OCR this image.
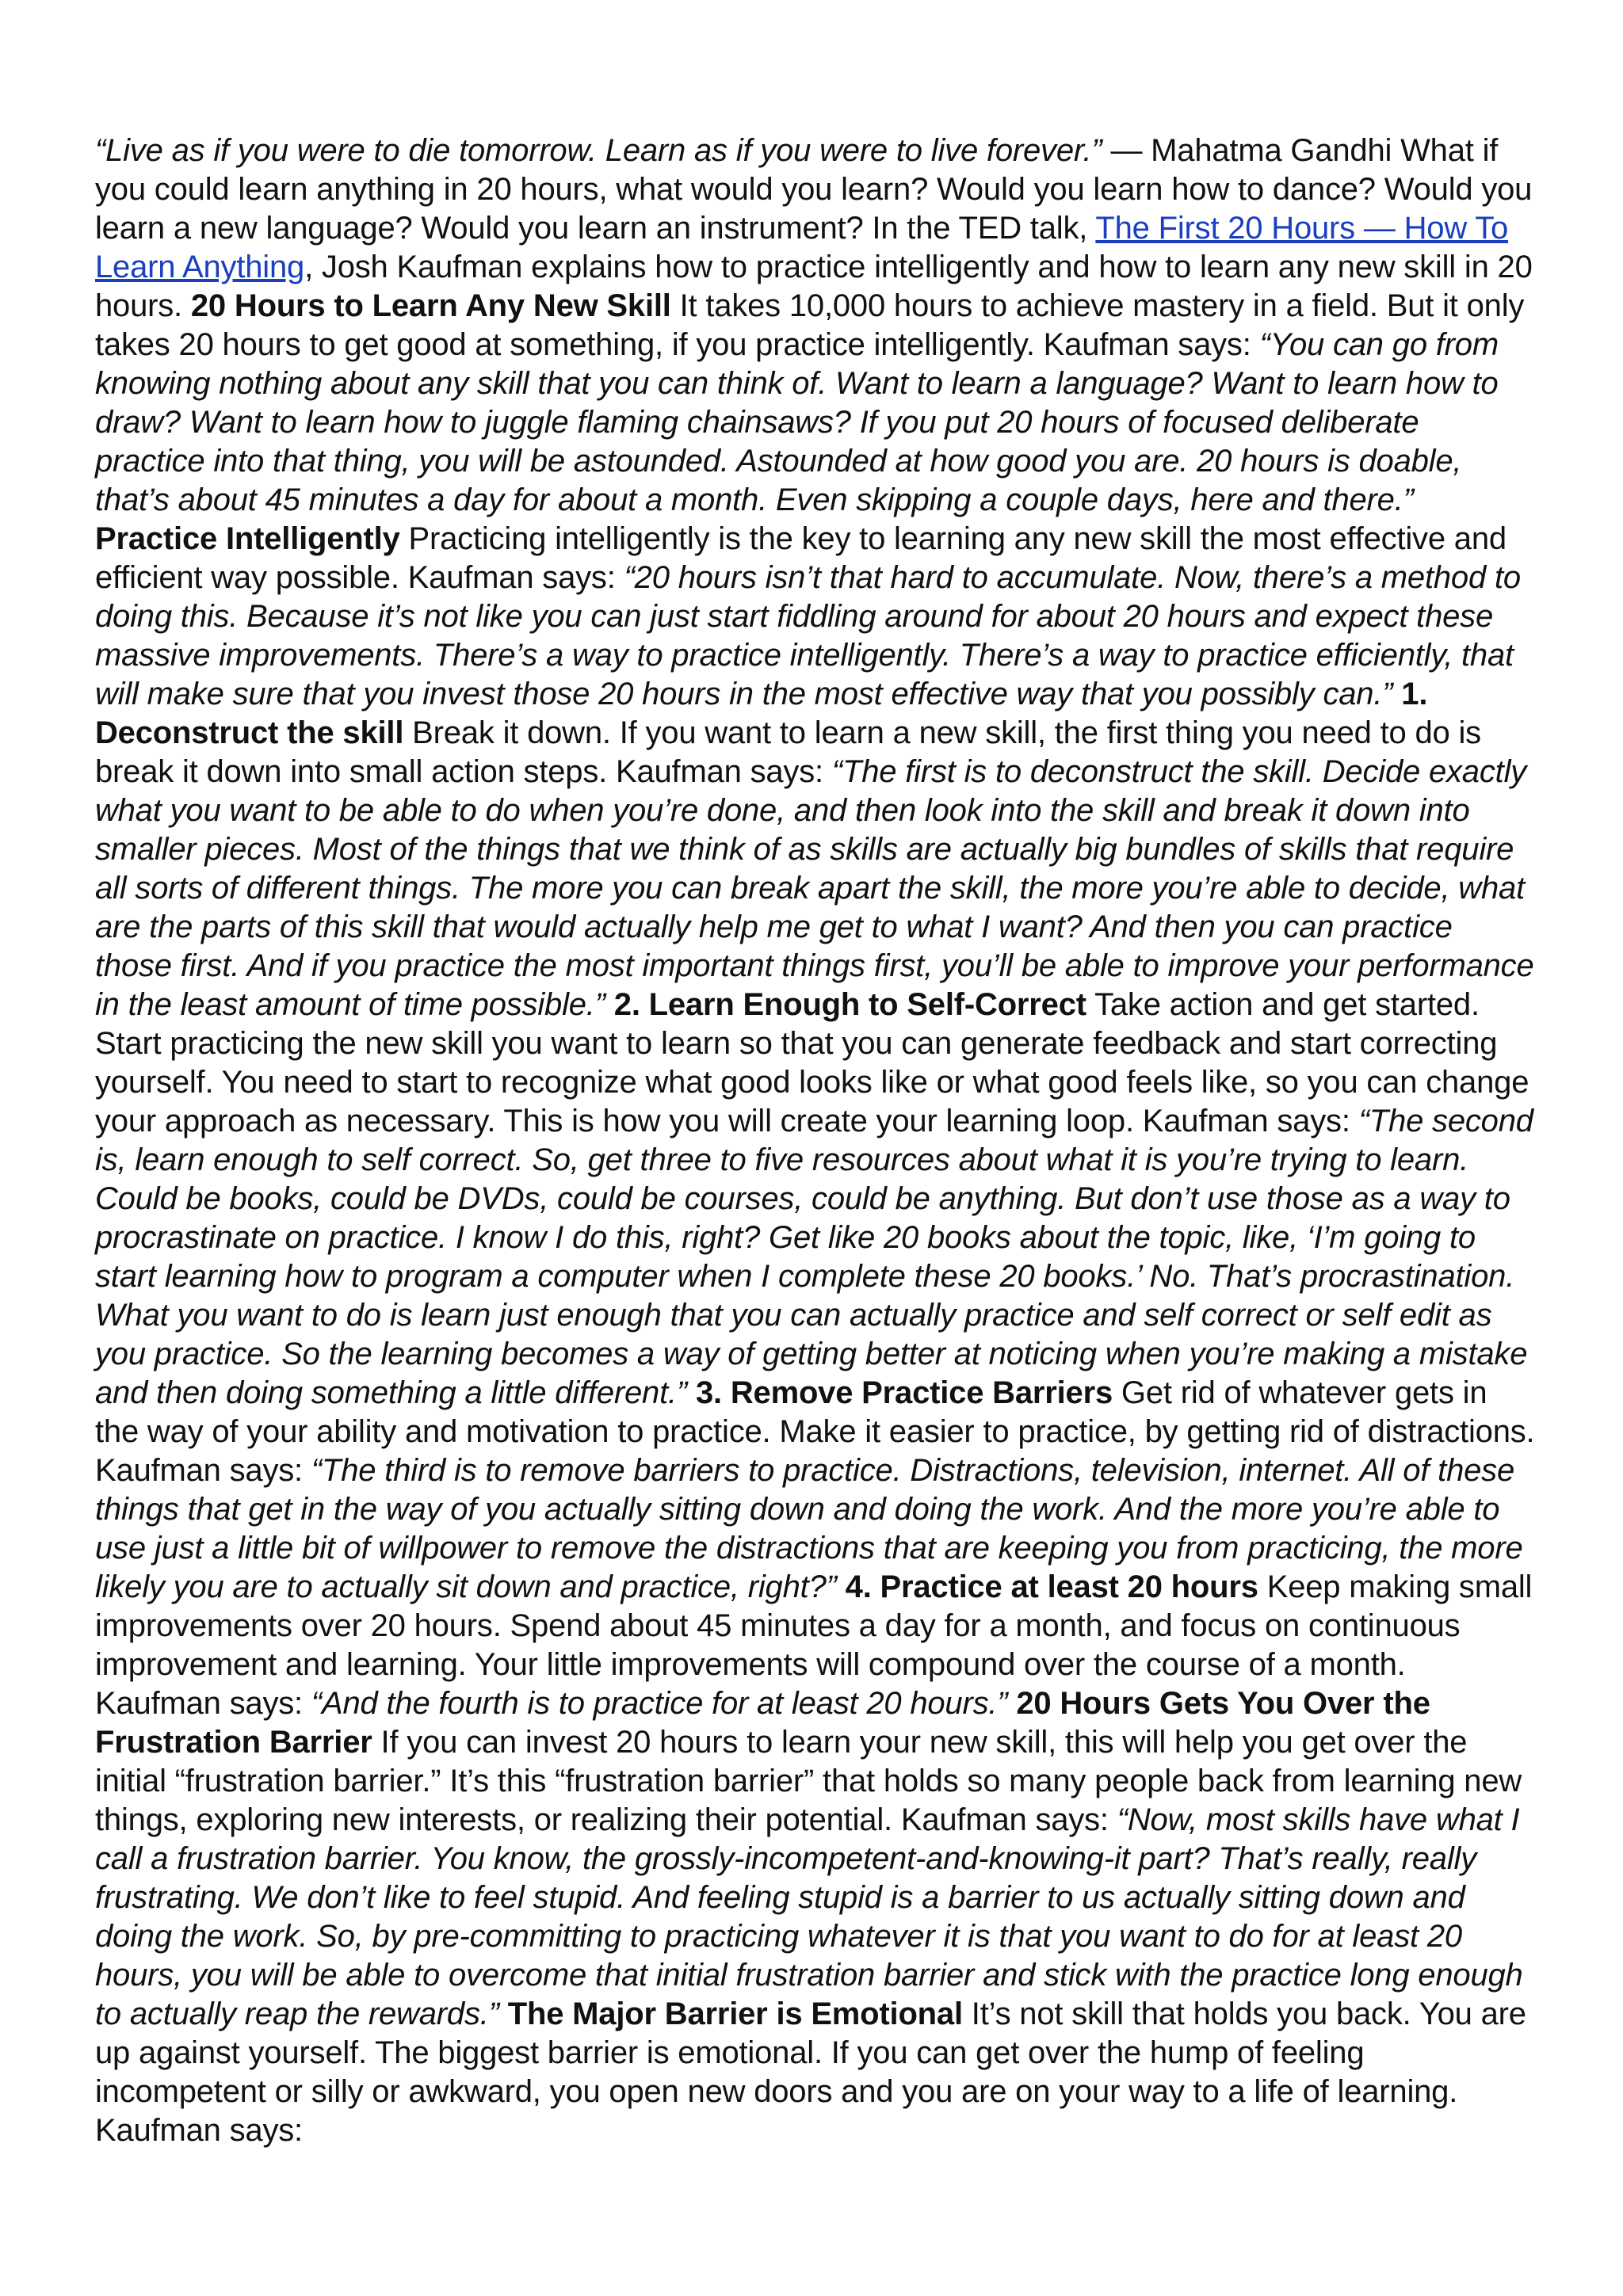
“Live as if you were to die tomorrow. Learn as if you were to live forever.” — Mahatma Gandhi What if you could learn anything in 20 hours, what would you learn? Would you learn how to dance? Would you learn a new language? Would you learn an instrument? In the TED talk, The First 20 Hours — How To Learn Anything, Josh Kaufman explains how to practice intelligently and how to learn any new skill in 20 hours. 20 Hours to Learn Any New Skill It takes 10,000 hours to achieve mastery in a field. But it only takes 20 hours to get good at something, if you practice intelligently. Kaufman says: “You can go from knowing nothing about any skill that you can think of. Want to learn a language? Want to learn how to draw? Want to learn how to juggle flaming chainsaws? If you put 20 hours of focused deliberate practice into that thing, you will be astounded. Astounded at how good you are. 20 hours is doable, that’s about 45 minutes a day for about a month. Even skipping a couple days, here and there.” Practice Intelligently Practicing intelligently is the key to learning any new skill the most effective and efficient way possible. Kaufman says: “20 hours isn’t that hard to accumulate. Now, there’s a method to doing this. Because it’s not like you can just start fiddling around for about 20 hours and expect these massive improvements. There’s a way to practice intelligently. There’s a way to practice efficiently, that will make sure that you invest those 20 hours in the most effective way that you possibly can.” 1. Deconstruct the skill Break it down. If you want to learn a new skill, the first thing you need to do is break it down into small action steps. Kaufman says: “The first is to deconstruct the skill. Decide exactly what you want to be able to do when you’re done, and then look into the skill and break it down into smaller pieces. Most of the things that we think of as skills are actually big bundles of skills that require all sorts of different things. The more you can break apart the skill, the more you’re able to decide, what are the parts of this skill that would actually help me get to what I want? And then you can practice those first. And if you practice the most important things first, you’ll be able to improve your performance in the least amount of time possible.” 2. Learn Enough to Self-Correct Take action and get started. Start practicing the new skill you want to learn so that you can generate feedback and start correcting yourself. You need to start to recognize what good looks like or what good feels like, so you can change your approach as necessary. This is how you will create your learning loop. Kaufman says: “The second is, learn enough to self correct. So, get three to five resources about what it is you’re trying to learn. Could be books, could be DVDs, could be courses, could be anything. But don’t use those as a way to procrastinate on practice. I know I do this, right? Get like 20 books about the topic, like, ‘I’m going to start learning how to program a computer when I complete these 20 books.’ No. That’s procrastination. What you want to do is learn just enough that you can actually practice and self correct or self edit as you practice. So the learning becomes a way of getting better at noticing when you’re making a mistake and then doing something a little different.” 3. Remove Practice Barriers Get rid of whatever gets in the way of your ability and motivation to practice. Make it easier to practice, by getting rid of distractions. Kaufman says: “The third is to remove barriers to practice. Distractions, television, internet. All of these things that get in the way of you actually sitting down and doing the work. And the more you’re able to use just a little bit of willpower to remove the distractions that are keeping you from practicing, the more likely you are to actually sit down and practice, right?” 4. Practice at least 20 hours Keep making small improvements over 20 hours. Spend about 45 minutes a day for a month, and focus on continuous improvement and learning. Your little improvements will compound over the course of a month. Kaufman says: “And the fourth is to practice for at least 20 hours.” 20 Hours Gets You Over the Frustration Barrier If you can invest 20 hours to learn your new skill, this will help you get over the initial “frustration barrier.” It’s this “frustration barrier” that holds so many people back from learning new things, exploring new interests, or realizing their potential. Kaufman says: “Now, most skills have what I call a frustration barrier. You know, the grossly-incompetent-and-knowing-it part? That’s really, really frustrating. We don’t like to feel stupid. And feeling stupid is a barrier to us actually sitting down and doing the work. So, by pre-committing to practicing whatever it is that you want to do for at least 20 hours, you will be able to overcome that initial frustration barrier and stick with the practice long enough to actually reap the rewards.” The Major Barrier is Emotional It’s not skill that holds you back. You are up against yourself. The biggest barrier is emotional. If you can get over the hump of feeling incompetent or silly or awkward, you open new doors and you are on your way to a life of learning. Kaufman says:
